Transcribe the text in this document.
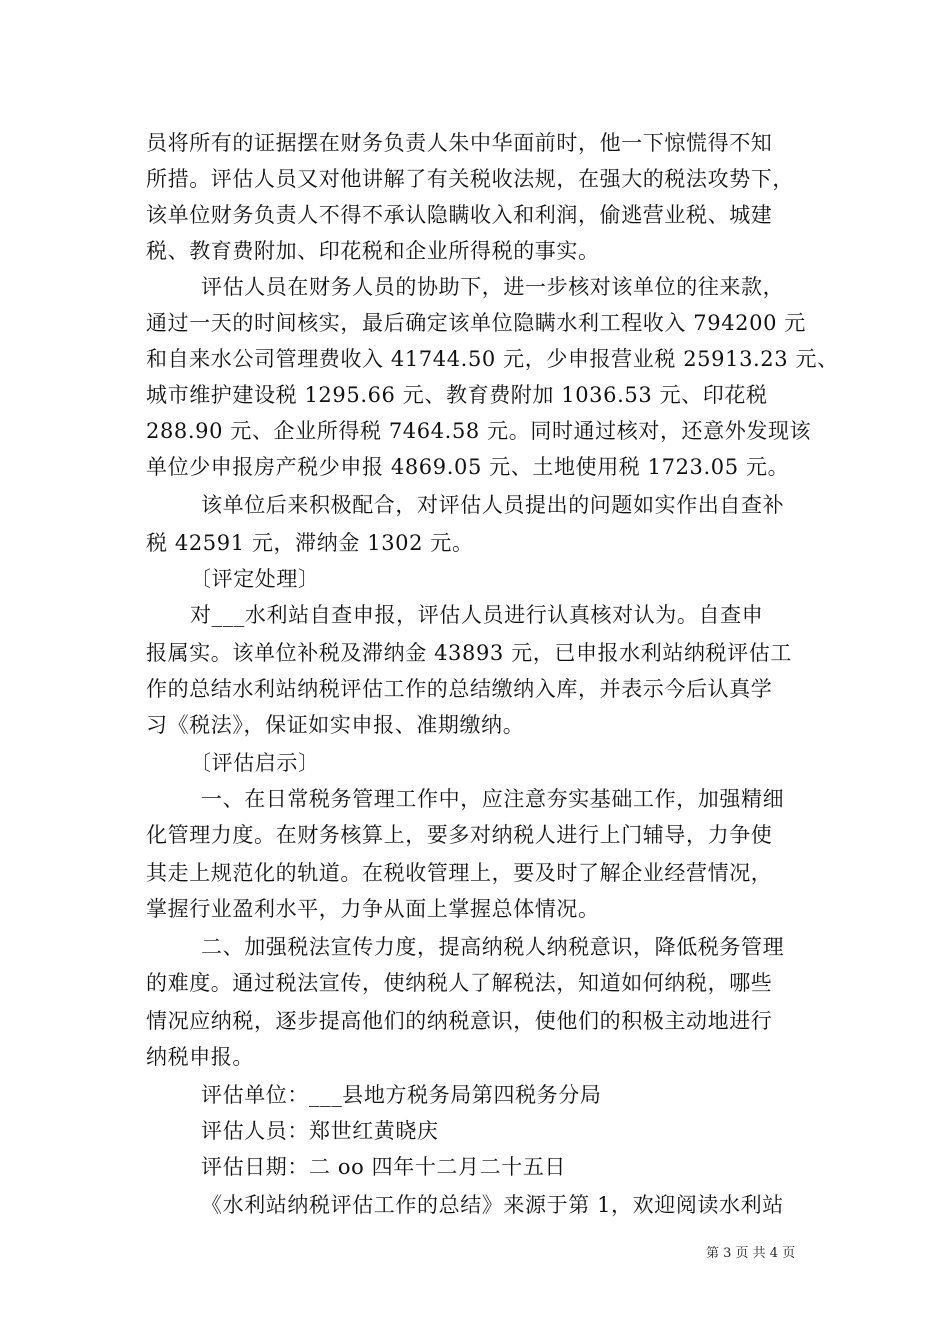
员将所有的证据摆在财务负责人朱中华面前时，他一下惊慌得不知
所措。评估人员又对他讲解了有关税收法规，在强大的税法攻势下，
该单位财务负责人不得不承认隐瞒收入和利润，偷逃营业税、城建
税、教育费附加、印花税和企业所得税的事实。
评估人员在财务人员的协助下，进一步核对该单位的往来款，
通过一天的时间核实，最后确定该单位隐瞒水利工程收入 794200 元
和自来水公司管理费收入 41744.50 元，少申报营业税 25913.23 元、
城市维护建设税 1295.66 元、教育费附加 1036.53 元、印花税
288.90 元、企业所得税 7464.58 元。同时通过核对，还意外发现该
单位少申报房产税少申报 4869.05 元、土地使用税 1723.05 元。
该单位后来积极配合，对评估人员提出的问题如实作出自查补
税 42591 元，滞纳金 1302 元。
〔评定处理〕
对___水利站自查申报，评估人员进行认真核对认为。自查申
报属实。该单位补税及滞纳金 43893 元，已申报水利站纳税评估工
作的总结水利站纳税评估工作的总结缴纳入库，并表示今后认真学
习《税法》，保证如实申报、准期缴纳。
〔评估启示〕
一、在日常税务管理工作中，应注意夯实基础工作，加强精细
化管理力度。在财务核算上，要多对纳税人进行上门辅导，力争使
其走上规范化的轨道。在税收管理上，要及时了解企业经营情况，
掌握行业盈利水平，力争从面上掌握总体情况。
二、加强税法宣传力度，提高纳税人纳税意识，降低税务管理
的难度。通过税法宣传，使纳税人了解税法，知道如何纳税，哪些
情况应纳税，逐步提高他们的纳税意识，使他们的积极主动地进行
纳税申报。
评估单位：___县地方税务局第四税务分局
评估人员：郑世红黄晓庆
评估日期：二 oo 四年十二月二十五日
《水利站纳税评估工作的总结》来源于第 1，欢迎阅读水利站
第 3 页 共 4 页
